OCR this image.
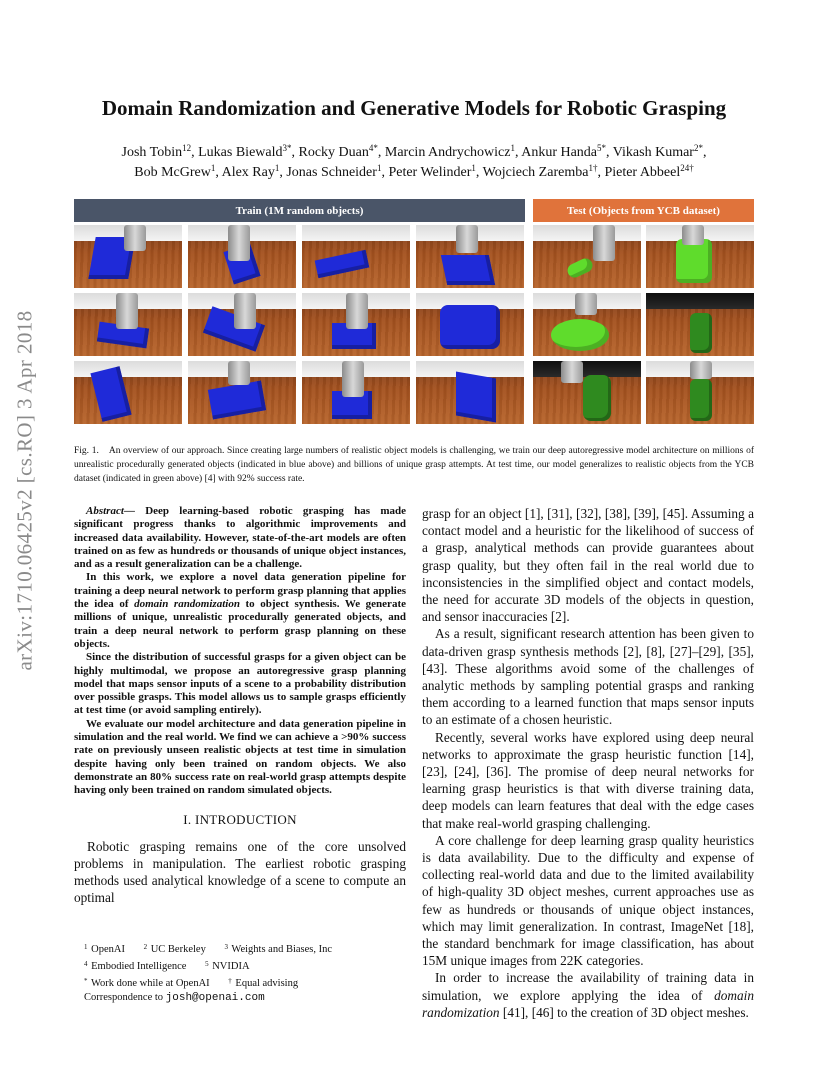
arXiv:1710.06425v2 [cs.RO] 3 Apr 2018
Domain Randomization and Generative Models for Robotic Grasping
Josh Tobin$^{12}$, Lukas Biewald$^{3*}$, Rocky Duan$^{4*}$, Marcin Andrychowicz$^1$, Ankur Handa$^{5*}$, Vikash Kumar$^{2*}$,
Bob McGrew$^1$, Alex Ray$^1$, Jonas Schneider$^1$, Peter Welinder$^1$, Wojciech Zaremba$^{1\dagger}$, Pieter Abbeel$^{24\dagger}$
Train (1M random objects)	Test (Objects from YCB dataset)
Fig. 1. An overview of our approach. Since creating large numbers of realistic object models is challenging, we train our deep autoregressive model architecture on millions of unrealistic procedurally generated objects (indicated in blue above) and billions of unique grasp attempts. At test time, our model generalizes to realistic objects from the YCB dataset (indicated in green above) [4] with 92% success rate.

Abstract— Deep learning-based robotic grasping has made significant progress thanks to algorithmic improvements and increased data availability. However, state-of-the-art models are often trained on as few as hundreds or thousands of unique object instances, and as a result generalization can be a challenge.

In this work, we explore a novel data generation pipeline for training a deep neural network to perform grasp planning that applies the idea of domain randomization to object synthesis. We generate millions of unique, unrealistic procedurally generated objects, and train a deep neural network to perform grasp planning on these objects.

Since the distribution of successful grasps for a given object can be highly multimodal, we propose an autoregressive grasp planning model that maps sensor inputs of a scene to a probability distribution over possible grasps. This model allows us to sample grasps efficiently at test time (or avoid sampling entirely).

We evaluate our model architecture and data generation pipeline in simulation and the real world. We find we can achieve a >90% success rate on previously unseen realistic objects at test time in simulation despite having only been trained on random objects. We also demonstrate an 80% success rate on real-world grasp attempts despite having only been trained on random simulated objects.

I. INTRODUCTION

Robotic grasping remains one of the core unsolved problems in manipulation. The earliest robotic grasping methods used analytical knowledge of a scene to compute an optimal

grasp for an object [1], [31], [32], [38], [39], [45]. Assuming a contact model and a heuristic for the likelihood of success of a grasp, analytical methods can provide guarantees about grasp quality, but they often fail in the real world due to inconsistencies in the simplified object and contact models, the need for accurate 3D models of the objects in question, and sensor inaccuracies [2].

As a result, significant research attention has been given to data-driven grasp synthesis methods [2], [8], [27]–[29], [35], [43]. These algorithms avoid some of the challenges of analytic methods by sampling potential grasps and ranking them according to a learned function that maps sensor inputs to an estimate of a chosen heuristic.

Recently, several works have explored using deep neural networks to approximate the grasp heuristic function [14], [23], [24], [36]. The promise of deep neural networks for learning grasp heuristics is that with diverse training data, deep models can learn features that deal with the edge cases that make real-world grasping challenging.

A core challenge for deep learning grasp quality heuristics is data availability. Due to the difficulty and expense of collecting real-world data and due to the limited availability of high-quality 3D object meshes, current approaches use as few as hundreds or thousands of unique object instances, which may limit generalization. In contrast, ImageNet [18], the standard benchmark for image classification, has about 15M unique images from 22K categories.

In order to increase the availability of training data in simulation, we explore applying the idea of domain randomization [41], [46] to the creation of 3D object meshes.

$^1$ OpenAI	$^2$ UC Berkeley	$^3$ Weights and Biases, Inc
$^4$ Embodied Intelligence	$^5$ NVIDIA
* Work done while at OpenAI	† Equal advising
Correspondence to josh@openai.com
